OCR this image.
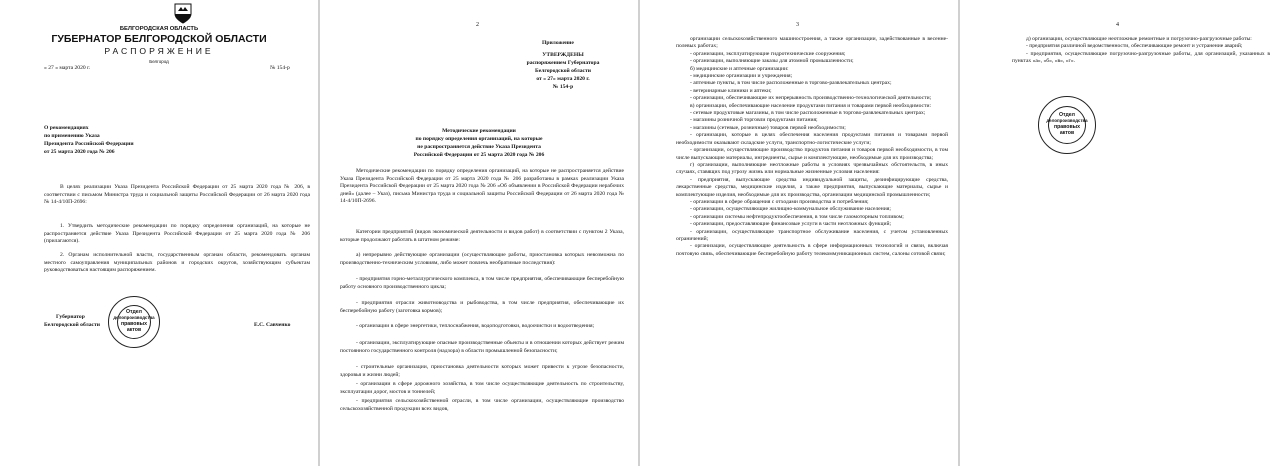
БЕЛГОРОДСКАЯ ОБЛАСТЬ
ГУБЕРНАТОР БЕЛГОРОДСКОЙ ОБЛАСТИ
РАСПОРЯЖЕНИЕ
Белгород
« 27 » марта 2020 г.	№ 154-р
О рекомендациях
по применению Указа
Президента Российской Федерации
от 25 марта 2020 года № 206
В целях реализации Указа Президента Российской Федерации от 25 марта 2020 года № 206, в соответствии с письмом Министра труда и социальной защиты Российской Федерации от 26 марта 2020 года № 14-4/10П-2696:
1. Утвердить методические рекомендации по порядку определения организаций, на которые не распространяется действие Указа Президента Российской Федерации от 25 марта 2020 года № 206 (прилагаются).
2. Органам исполнительной власти, государственным органам области, рекомендовать органам местного самоуправления муниципальных районов и городских округов, хозяйствующим субъектам руководствоваться настоящим распоряжением.
Губернатор
Белгородской области	Е.С. Савченко
Отдел
делопроизводства
правовых
актов
2
Приложение
УТВЕРЖДЕНЫ
распоряжением Губернатора
Белгородской области
от « 27» марта 2020 г.
№ 154-р
Методические рекомендации
по порядку определения организаций, на которые
не распространяется действие Указа Президента
Российской Федерации от 25 марта 2020 года № 206
Методические рекомендации по порядку определения организаций, на которые не распространяется действие Указа Президента Российской Федерации от 25 марта 2020 года № 206 разработаны в рамках реализации Указа Президента Российской Федерации от 25 марта 2020 года № 206 «Об объявлении в Российской Федерации нерабочих дней» (далее – Указ), письма Министра труда и социальной защиты Российской Федерации от 26 марта 2020 года № 14-4/10П-2696.
Категории предприятий (видов экономической деятельности и видов работ) в соответствии с пунктом 2 Указа, которые продолжают работать в штатном режиме:
а) непрерывно действующие организации (осуществляющие работы, приостановка которых невозможна по производственно-техническим условиям, либо может повлечь необратимые последствия):
- предприятия горно-металлургического комплекса, в том числе предприятия, обеспечивающие бесперебойную работу основного производственного цикла;
- предприятия отрасли животноводства и рыбоводства, в том числе предприятия, обеспечивающие их бесперебойную работу (заготовка кормов);
- организации в сфере энергетики, теплоснабжения, водоподготовки, водоочистки и водоотведения;
- организации, эксплуатирующие опасные производственные объекты и в отношении которых действует режим постоянного государственного контроля (надзора) в области промышленной безопасности;
- строительные организации, приостановка деятельности которых может привести к угрозе безопасности, здоровья и жизни людей;
- организации в сфере дорожного хозяйства, в том числе осуществляющие деятельность по строительству, эксплуатации дорог, мостов и тоннелей;
- предприятия сельскохозяйственной отрасли, в том числе организации, осуществляющие производство сельскохозяйственной продукции всех видов,
3
организации сельскохозяйственного машиностроения, а также организации, задействованные в весенне-полевых работах;
- организации, эксплуатирующие гидротехнические сооружения;
- организации, выполняющие заказы для атомной промышленности;
б) медицинские и аптечные организации:
- медицинские организации и учреждения;
- аптечные пункты, в том числе расположенные в торгово-развлекательных центрах;
- ветеринарные клиники и аптеки;
- организации, обеспечивающие их непрерывность производственно-технологической деятельности;
в) организации, обеспечивающие население продуктами питания и товарами первой необходимости:
- сетевые продуктовые магазины, в том числе расположенные в торгово-развлекательных центрах;
- магазины розничной торговли продуктами питания;
- магазины (сетевые, розничные) товаров первой необходимости;
- организации, которые в целях обеспечения населения продуктами питания и товарами первой необходимости оказывают складские услуги, транспортно-логистические услуги;
- организации, осуществляющие производство продуктов питания и товаров первой необходимости, в том числе выпускающие материалы, ингредиенты, сырье и комплектующие, необходимые для их производства;
г) организации, выполняющие неотложные работы в условиях чрезвычайных обстоятельств, в иных случаях, ставящих под угрозу жизнь или нормальные жизненные условия населения:
- предприятия, выпускающие средства индивидуальной защиты, дезинфицирующие средства, лекарственные средства, медицинские изделия, а также предприятия, выпускающие материалы, сырье и комплектующие изделия, необходимые для их производства, организации медицинской промышленности;
- организации в сфере обращения с отходами производства и потребления;
- организации, осуществляющие жилищно-коммунальное обслуживание населения;
- организации системы нефтепродуктообеспечения, в том числе газомоторным топливом;
- организации, предоставляющие финансовые услуги в части неотложных функций;
- организации, осуществляющие транспортное обслуживание населения, с учетом установленных ограничений;
- организации, осуществляющие деятельность в сфере информационных технологий и связи, включая почтовую связь, обеспечивающие бесперебойную работу телекоммуникационных систем, салоны сотовой связи;
4
д) организации, осуществляющие неотложные ремонтные и погрузочно-разгрузочные работы:
- предприятия различной ведомственности, обеспечивающие ремонт и устранение аварий;
- предприятия, осуществляющие погрузочно-разгрузочные работы, для организаций, указанных в пунктах «а», «б», «в», «г».
Отдел
делопроизводства
правовых
актов
